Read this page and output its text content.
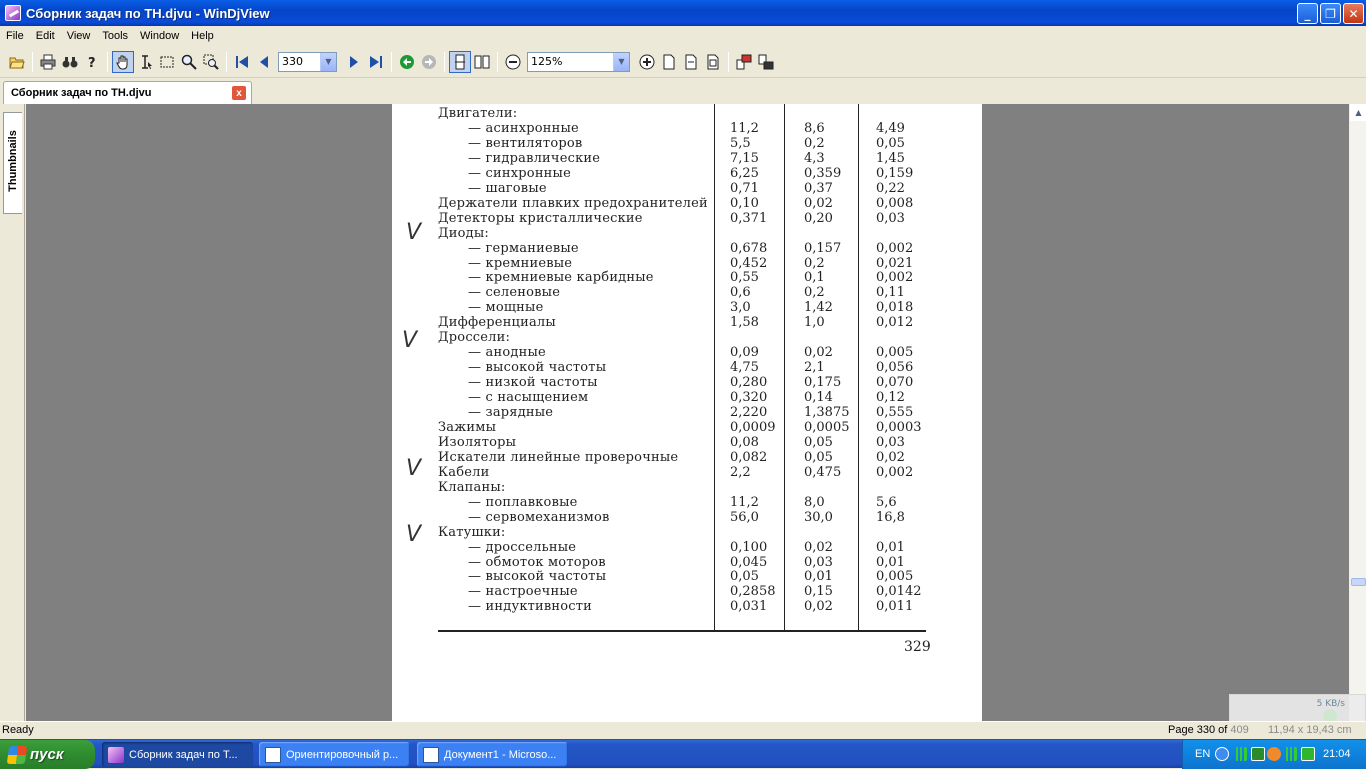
Сборник задач по ТН.djvu - WinDjView	_	❐	✕
File	Edit	View	Tools	Window	Help
?	330	▼	125%	▼
Сборник задач по ТН.djvu	x
Thumbnails
Двигатели:
— асинхронные	11,2	8,6	4,49
— вентиляторов	5,5	0,2	0,05
— гидравлические	7,15	4,3	1,45
— синхронные	6,25	0,359	0,159
— шаговые	0,71	0,37	0,22
Держатели плавких предохранителей 0,10	0,02	0,008
Детекторы кристаллические	0,371	0,20	0,03
Диоды:
— германиевые	0,678	0,157	0,002
— кремниевые	0,452	0,2	0,021
— кремниевые карбидные	0,55	0,1	0,002
— селеновые	0,6	0,2	0,11
— мощные	3,0	1,42	0,018
Дифференциалы	1,58	1,0	0,012
Дроссели:
— анодные	0,09	0,02	0,005
— высокой частоты	4,75	2,1	0,056
— низкой частоты	0,280	0,175	0,070
— с насыщением	0,320	0,14	0,12
— зарядные	2,220	1,3875 0,555
Зажимы	0,0009 0,0005 0,0003
Изоляторы	0,08	0,05	0,03
Искатели линейные проверочные	0,082	0,05	0,02
Кабели	2,2	0,475	0,002
Клапаны:
— поплавковые	11,2	8,0	5,6
— сервомеханизмов	56,0	30,0	16,8
Катушки:
— дроссельные	0,100	0,02	0,01
— обмоток моторов	0,045	0,03	0,01
— высокой частоты	0,05	0,01	0,005
— настроечные	0,2858 0,15	0,0142
— индуктивности	0,031	0,02	0,011
329
V
V
V
V
▲
5 KB/s
Ready	Page 330 of 409 11,94 x 19,43 cm
пуск	Сборник задач по Т...	Ориентировочный р...	Документ1 - Microso...	EN	21:04
